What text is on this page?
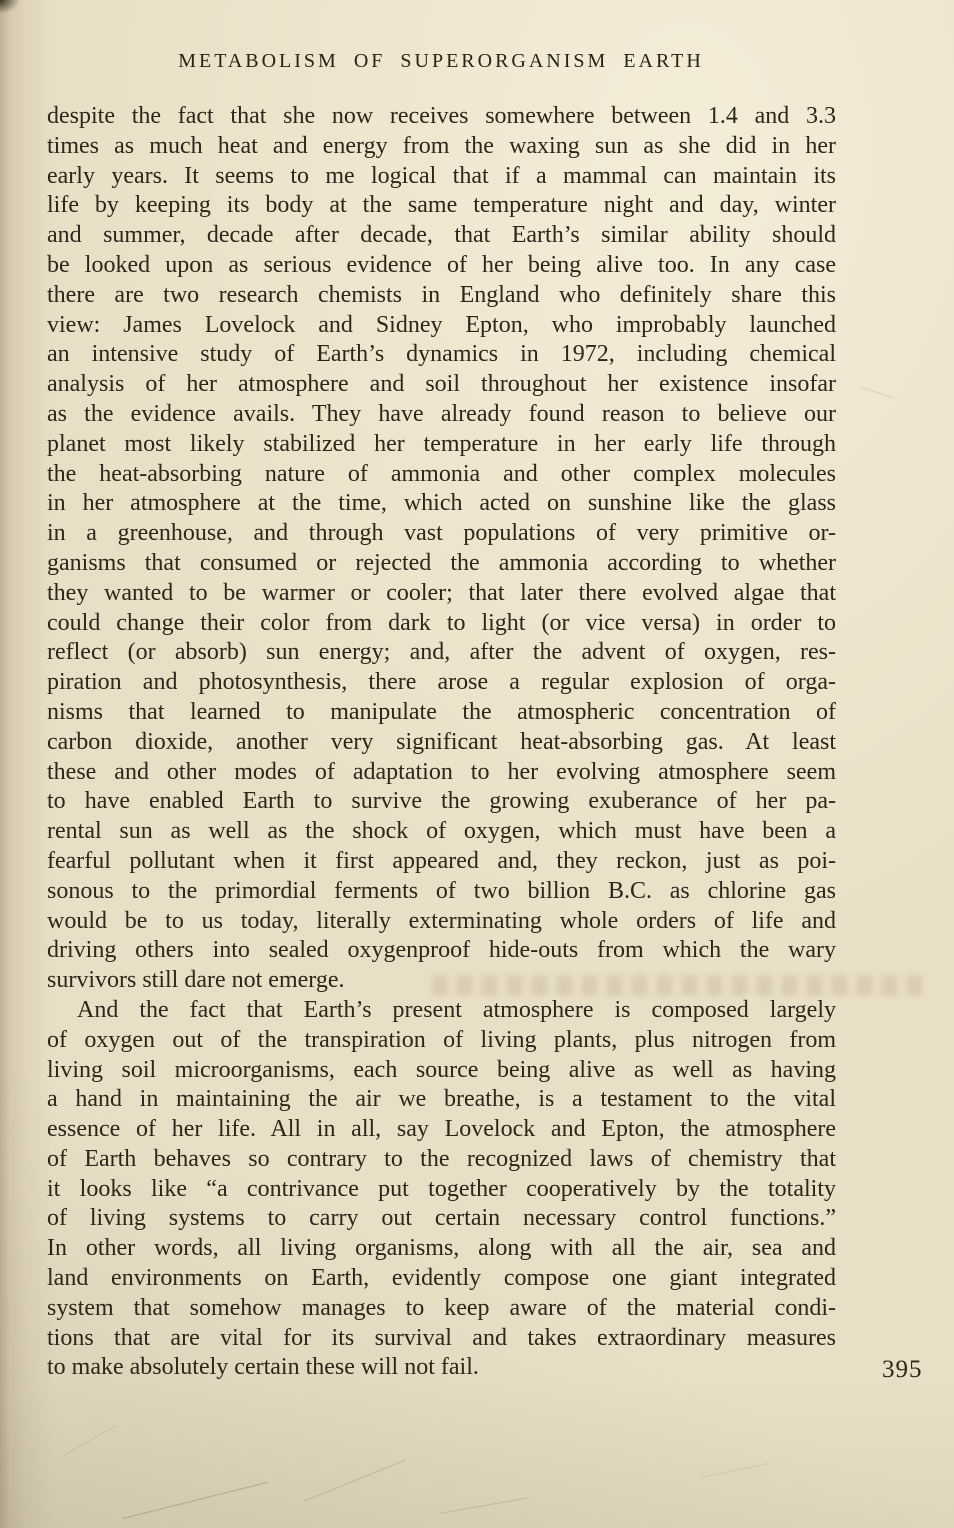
METABOLISM OF SUPERORGANISM EARTH
despite the fact that she now receives somewhere between 1.4 and 3.3
times as much heat and energy from the waxing sun as she did in her
early years. It seems to me logical that if a mammal can maintain its
life by keeping its body at the same temperature night and day, winter
and summer, decade after decade, that Earth’s similar ability should
be looked upon as serious evidence of her being alive too. In any case
there are two research chemists in England who definitely share this
view: James Lovelock and Sidney Epton, who improbably launched
an intensive study of Earth’s dynamics in 1972, including chemical
analysis of her atmosphere and soil throughout her existence insofar
as the evidence avails. They have already found reason to believe our
planet most likely stabilized her temperature in her early life through
the heat-absorbing nature of ammonia and other complex molecules
in her atmosphere at the time, which acted on sunshine like the glass
in a greenhouse, and through vast populations of very primitive or-
ganisms that consumed or rejected the ammonia according to whether
they wanted to be warmer or cooler; that later there evolved algae that
could change their color from dark to light (or vice versa) in order to
reflect (or absorb) sun energy; and, after the advent of oxygen, res-
piration and photosynthesis, there arose a regular explosion of orga-
nisms that learned to manipulate the atmospheric concentration of
carbon dioxide, another very significant heat-absorbing gas. At least
these and other modes of adaptation to her evolving atmosphere seem
to have enabled Earth to survive the growing exuberance of her pa-
rental sun as well as the shock of oxygen, which must have been a
fearful pollutant when it first appeared and, they reckon, just as poi-
sonous to the primordial ferments of two billion B.C. as chlorine gas
would be to us today, literally exterminating whole orders of life and
driving others into sealed oxygenproof hide-outs from which the wary
survivors still dare not emerge.
And the fact that Earth’s present atmosphere is composed largely
of oxygen out of the transpiration of living plants, plus nitrogen from
living soil microorganisms, each source being alive as well as having
a hand in maintaining the air we breathe, is a testament to the vital
essence of her life. All in all, say Lovelock and Epton, the atmosphere
of Earth behaves so contrary to the recognized laws of chemistry that
it looks like “a contrivance put together cooperatively by the totality
of living systems to carry out certain necessary control functions.”
In other words, all living organisms, along with all the air, sea and
land environments on Earth, evidently compose one giant integrated
system that somehow manages to keep aware of the material condi-
tions that are vital for its survival and takes extraordinary measures
to make absolutely certain these will not fail.	395
